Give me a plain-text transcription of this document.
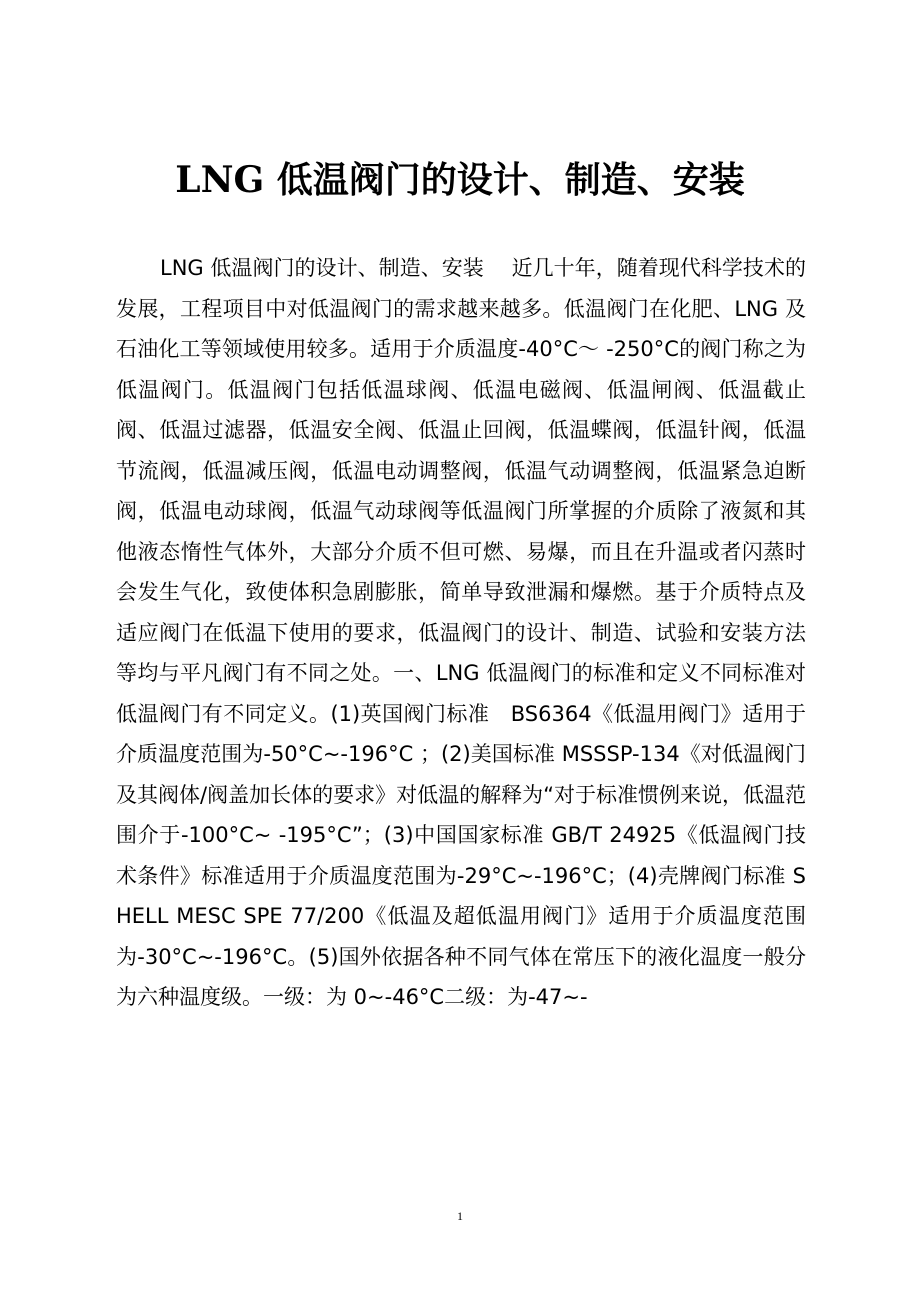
LNG 低温阀门的设计、制造、安装

LNG 低温阀门的设计、制造、安装　 近几十年，随着现代科学技术的发展，工程项目中对低温阀门的需求越来越多。低温阀门在化肥、LNG 及石油化工等领域使用较多。适用于介质温度-40°C～ -250°C的阀门称之为低温阀门。低温阀门包括低温球阀、低温电磁阀、低温闸阀、低温截止阀、低温过滤器，低温安全阀、低温止回阀，低温蝶阀，低温针阀，低温节流阀，低温减压阀，低温电动调整阀，低温气动调整阀，低温紧急迫断阀，低温电动球阀，低温气动球阀等低温阀门所掌握的介质除了液氮和其他液态惰性气体外，大部分介质不但可燃、易爆，而且在升温或者闪蒸时会发生气化，致使体积急剧膨胀，简单导致泄漏和爆燃。基于介质特点及适应阀门在低温下使用的要求，低温阀门的设计、制造、试验和安装方法等均与平凡阀门有不同之处。一、LNG 低温阀门的标准和定义不同标准对低温阀门有不同定义。(1)英国阀门标准　BS6364《低温用阀门》适用于介质温度范围为-50°C~-196°C ；(2)美国标准 MSSSP-134《对低温阀门及其阀体/阀盖加长体的要求》对低温的解释为“对于标准惯例来说，低温范围介于-100°C~ -195°C”；(3)中国国家标准 GB/T 24925《低温阀门技术条件》标准适用于介质温度范围为-29°C~-196°C；(4)壳牌阀门标准 SHELL MESC SPE 77/200《低温及超低温用阀门》适用于介质温度范围为-30°C~-196°C。(5)国外依据各种不同气体在常压下的液化温度一般分为六种温度级。一级：为 0~-46°C二级：为-47~-

1
